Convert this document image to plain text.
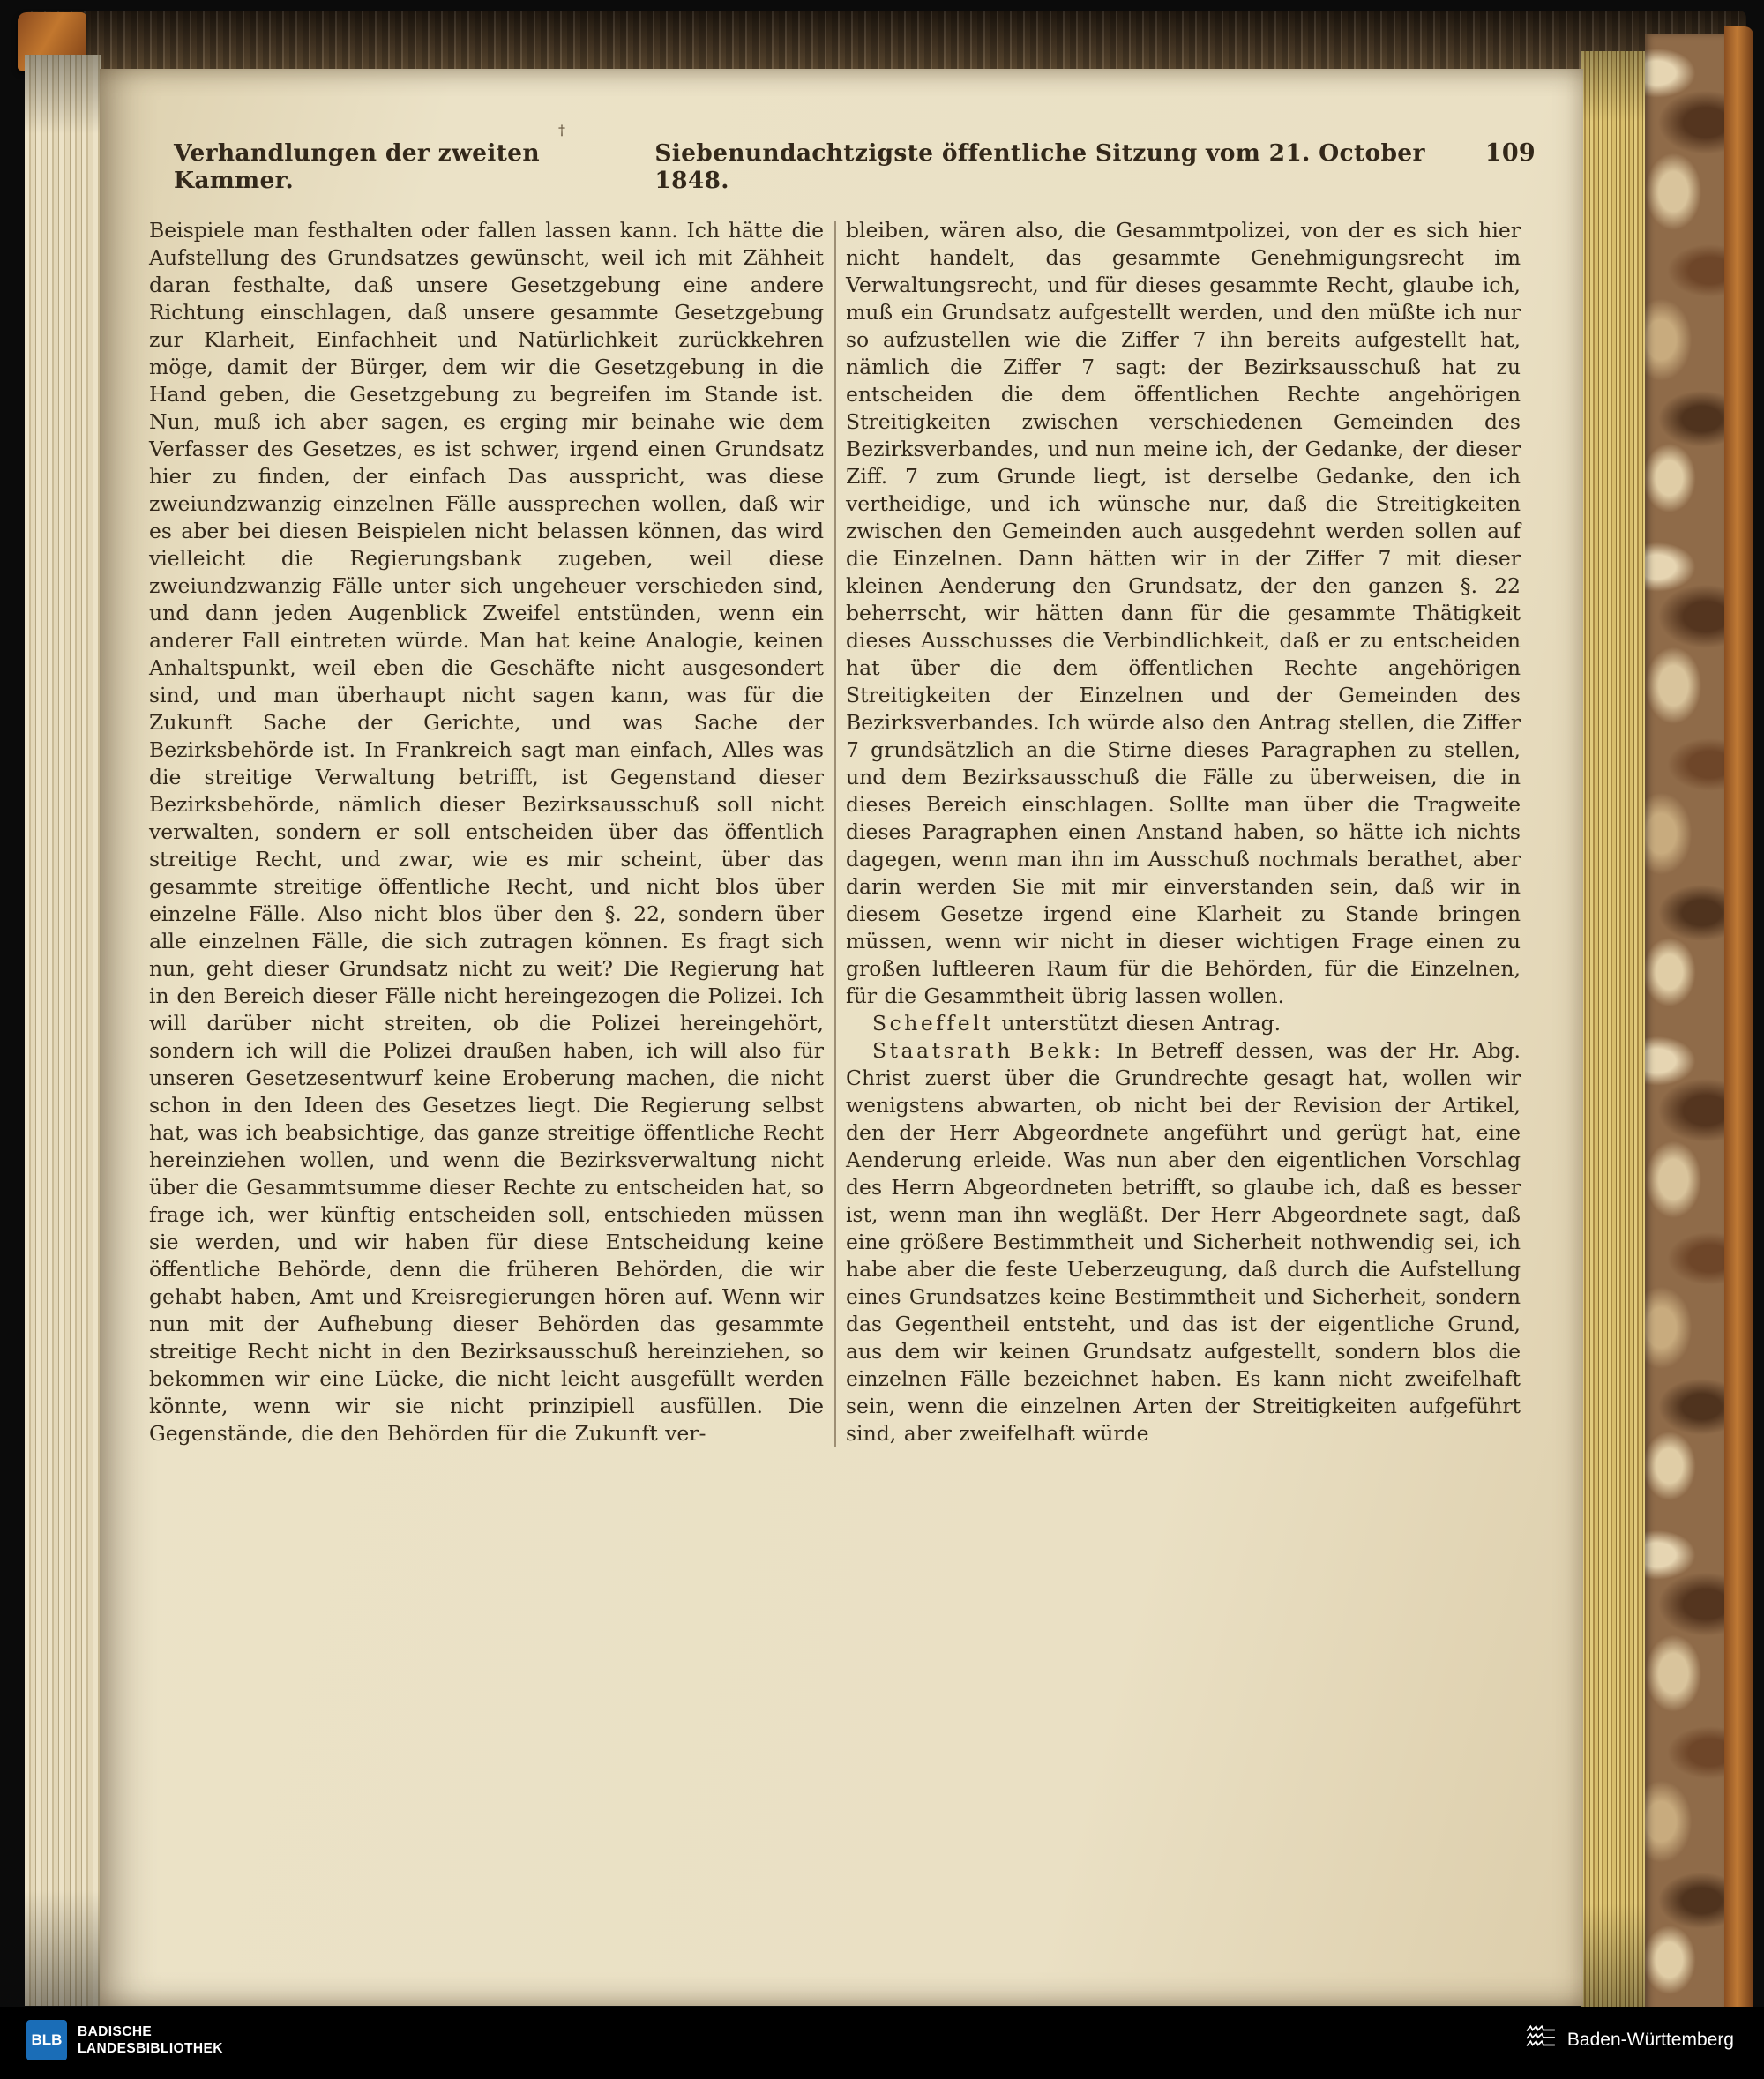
†
Verhandlungen der zweiten Kammer.
Siebenundachtzigste öffentliche Sitzung vom 21. October 1848.
109

Beispiele man festhalten oder fallen lassen kann. Ich hätte die Aufstellung des Grundsatzes gewünscht, weil ich mit Zähheit daran festhalte, daß unsere Gesetzgebung eine andere Richtung einschlagen, daß unsere gesammte Gesetzgebung zur Klarheit, Einfachheit und Natürlichkeit zurückkehren möge, damit der Bürger, dem wir die Gesetzgebung in die Hand geben, die Gesetzgebung zu begreifen im Stande ist. Nun, muß ich aber sagen, es erging mir beinahe wie dem Verfasser des Gesetzes, es ist schwer, irgend einen Grundsatz hier zu finden, der einfach Das ausspricht, was diese zweiundzwanzig einzelnen Fälle aussprechen wollen, daß wir es aber bei diesen Beispielen nicht belassen können, das wird vielleicht die Regierungsbank zugeben, weil diese zweiundzwanzig Fälle unter sich ungeheuer verschieden sind, und dann jeden Augenblick Zweifel entstünden, wenn ein anderer Fall eintreten würde. Man hat keine Analogie, keinen Anhaltspunkt, weil eben die Geschäfte nicht ausgesondert sind, und man überhaupt nicht sagen kann, was für die Zukunft Sache der Gerichte, und was Sache der Bezirksbehörde ist. In Frankreich sagt man einfach, Alles was die streitige Verwaltung betrifft, ist Gegenstand dieser Bezirksbehörde, nämlich dieser Bezirksausschuß soll nicht verwalten, sondern er soll entscheiden über das öffentlich streitige Recht, und zwar, wie es mir scheint, über das gesammte streitige öffentliche Recht, und nicht blos über einzelne Fälle. Also nicht blos über den §. 22, sondern über alle einzelnen Fälle, die sich zutragen können. Es fragt sich nun, geht dieser Grundsatz nicht zu weit? Die Regierung hat in den Bereich dieser Fälle nicht hereingezogen die Polizei. Ich will darüber nicht streiten, ob die Polizei hereingehört, sondern ich will die Polizei draußen haben, ich will also für unseren Gesetzesentwurf keine Eroberung machen, die nicht schon in den Ideen des Gesetzes liegt. Die Regierung selbst hat, was ich beabsichtige, das ganze streitige öffentliche Recht hereinziehen wollen, und wenn die Bezirksverwaltung nicht über die Gesammtsumme dieser Rechte zu entscheiden hat, so frage ich, wer künftig entscheiden soll, entschieden müssen sie werden, und wir haben für diese Entscheidung keine öffentliche Behörde, denn die früheren Behörden, die wir gehabt haben, Amt und Kreisregierungen hören auf. Wenn wir nun mit der Aufhebung dieser Behörden das gesammte streitige Recht nicht in den Bezirksausschuß hereinziehen, so bekommen wir eine Lücke, die nicht leicht ausgefüllt werden könnte, wenn wir sie nicht prinzipiell ausfüllen. Die Gegenstände, die den Behörden für die Zukunft ver-

bleiben, wären also, die Gesammtpolizei, von der es sich hier nicht handelt, das gesammte Genehmigungsrecht im Verwaltungsrecht, und für dieses gesammte Recht, glaube ich, muß ein Grundsatz aufgestellt werden, und den müßte ich nur so aufzustellen wie die Ziffer 7 ihn bereits aufgestellt hat, nämlich die Ziffer 7 sagt: der Bezirksausschuß hat zu entscheiden die dem öffentlichen Rechte angehörigen Streitigkeiten zwischen verschiedenen Gemeinden des Bezirksverbandes, und nun meine ich, der Gedanke, der dieser Ziff. 7 zum Grunde liegt, ist derselbe Gedanke, den ich vertheidige, und ich wünsche nur, daß die Streitigkeiten zwischen den Gemeinden auch ausgedehnt werden sollen auf die Einzelnen. Dann hätten wir in der Ziffer 7 mit dieser kleinen Aenderung den Grundsatz, der den ganzen §. 22 beherrscht, wir hätten dann für die gesammte Thätigkeit dieses Ausschusses die Verbindlichkeit, daß er zu entscheiden hat über die dem öffentlichen Rechte angehörigen Streitigkeiten der Einzelnen und der Gemeinden des Bezirksverbandes. Ich würde also den Antrag stellen, die Ziffer 7 grundsätzlich an die Stirne dieses Paragraphen zu stellen, und dem Bezirksausschuß die Fälle zu überweisen, die in dieses Bereich einschlagen. Sollte man über die Tragweite dieses Paragraphen einen Anstand haben, so hätte ich nichts dagegen, wenn man ihn im Ausschuß nochmals berathet, aber darin werden Sie mit mir einverstanden sein, daß wir in diesem Gesetze irgend eine Klarheit zu Stande bringen müssen, wenn wir nicht in dieser wichtigen Frage einen zu großen luftleeren Raum für die Behörden, für die Einzelnen, für die Gesammtheit übrig lassen wollen.

Scheffelt unterstützt diesen Antrag.

Staatsrath Bekk: In Betreff dessen, was der Hr. Abg. Christ zuerst über die Grundrechte gesagt hat, wollen wir wenigstens abwarten, ob nicht bei der Revision der Artikel, den der Herr Abgeordnete angeführt und gerügt hat, eine Aenderung erleide. Was nun aber den eigentlichen Vorschlag des Herrn Abgeordneten betrifft, so glaube ich, daß es besser ist, wenn man ihn wegläßt. Der Herr Abgeordnete sagt, daß eine größere Bestimmtheit und Sicherheit nothwendig sei, ich habe aber die feste Ueberzeugung, daß durch die Aufstellung eines Grundsatzes keine Bestimmtheit und Sicherheit, sondern das Gegentheil entsteht, und das ist der eigentliche Grund, aus dem wir keinen Grundsatz aufgestellt, sondern blos die einzelnen Fälle bezeichnet haben. Es kann nicht zweifelhaft sein, wenn die einzelnen Arten der Streitigkeiten aufgeführt sind, aber zweifelhaft würde

BLB	BADISCHE
LANDESBIBLIOTHEK	Baden-Württemberg
